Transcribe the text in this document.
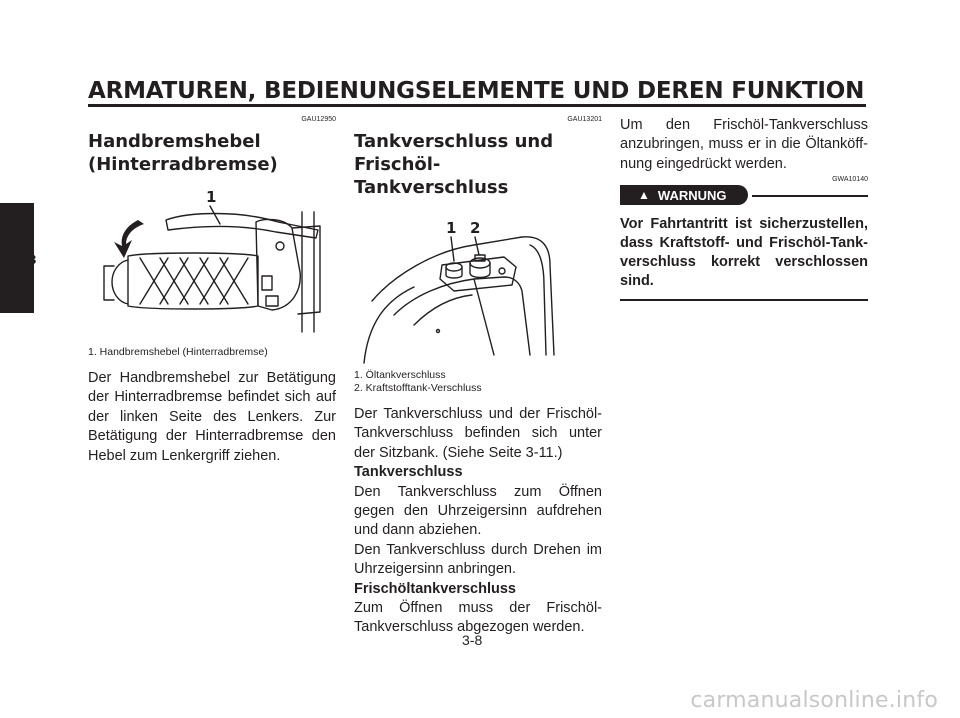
ARMATUREN, BEDIENUNGSELEMENTE UND DEREN FUNKTION
3
GAU12950
Handbremshebel
(Hinterradbremse)
1
1. Handbremshebel (Hinterradbremse)
Der Handbremshebel zur Betätigung der Hinterradbremse befindet sich auf der linken Seite des Lenkers. Zur Betätigung der Hinterradbremse den Hebel zum Lenkergriff ziehen.
GAU13201
Tankverschluss und Frischöl-
Tankverschluss
1 2
1. Öltankverschluss
2. Kraftstofftank-Verschluss
Der Tankverschluss und der Frischöl-Tankverschluss befinden sich unter der Sitzbank. (Siehe Seite 3-11.)
Tankverschluss
Den Tankverschluss zum Öffnen gegen den Uhrzeigersinn aufdrehen und dann abziehen.
Den Tankverschluss durch Drehen im Uhrzeigersinn anbringen.
Frischöltankverschluss
Zum Öffnen muss der Frischöl-Tankverschluss abgezogen werden.
Um den Frischöl-Tankverschluss anzubringen, muss er in die Öltanköff-nung eingedrückt werden.
GWA10140
▲ WARNUNG
Vor Fahrtantritt ist sicherzustellen, dass Kraftstoff- und Frischöl-Tank-verschluss korrekt verschlossen sind.
3-8
carmanualsonline.info
